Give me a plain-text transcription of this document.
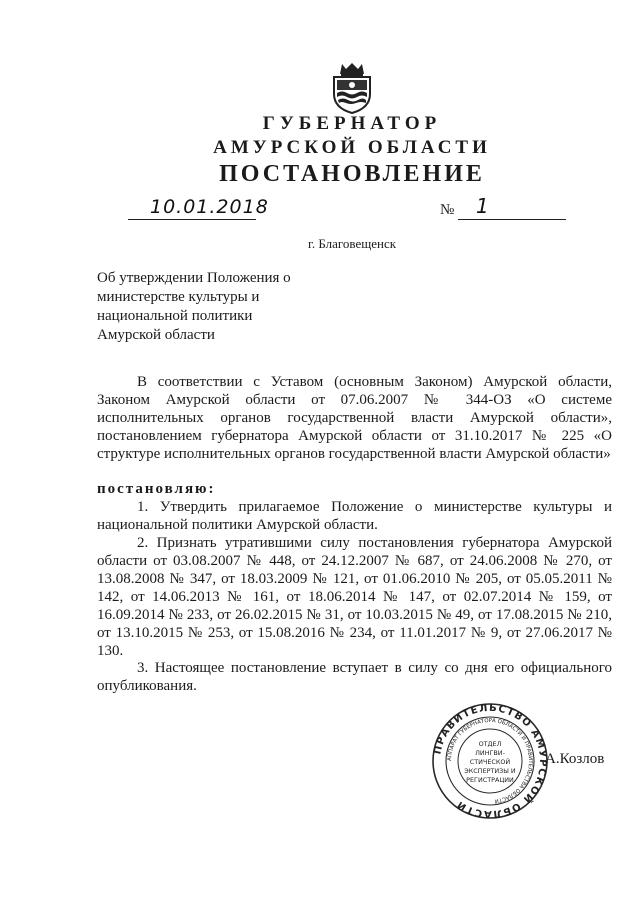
ГУБЕРНАТОР
АМУРСКОЙ ОБЛАСТИ
ПОСТАНОВЛЕНИЕ
10.01.2018	№ 1
г. Благовещенск
Об утверждении Положения о
министерстве культуры и
национальной политики
Амурской области
В соответствии с Уставом (основным Законом) Амурской области, Законом Амурской области от 07.06.2007 № 344-ОЗ «О системе исполнительных органов государственной власти Амурской области», постановлением губернатора Амурской области от 31.10.2017 № 225 «О структуре исполнительных органов государственной власти Амурской области»
постановляю:
1. Утвердить прилагаемое Положение о министерстве культуры и национальной политики Амурской области.
2. Признать утратившими силу постановления губернатора Амурской области от 03.08.2007 № 448, от 24.12.2007 № 687, от 24.06.2008 № 270, от 13.08.2008 № 347, от 18.03.2009 № 121, от 01.06.2010 № 205, от 05.05.2011 № 142, от 14.06.2013 № 161, от 18.06.2014 № 147, от 02.07.2014 № 159, от 16.09.2014 № 233, от 26.02.2015 № 31, от 10.03.2015 № 49, от 17.08.2015 № 210, от 13.10.2015 № 253, от 15.08.2016 № 234, от 11.01.2017 № 9, от 27.06.2017 № 130.
3. Настоящее постановление вступает в силу со дня его официального опубликования.
ПРАВИТЕЛЬСТВО АМУРСКОЙ ОБЛАСТИ
АППАРАТ ГУБЕРНАТОРА ОБЛАСТИ И ПРАВИТЕЛЬСТВА ОБЛАСТИ
ОТДЕЛ
ЛИНГВИ-
СТИЧЕСКОЙ
ЭКСПЕРТИЗЫ И
РЕГИСТРАЦИИ
А.Козлов
